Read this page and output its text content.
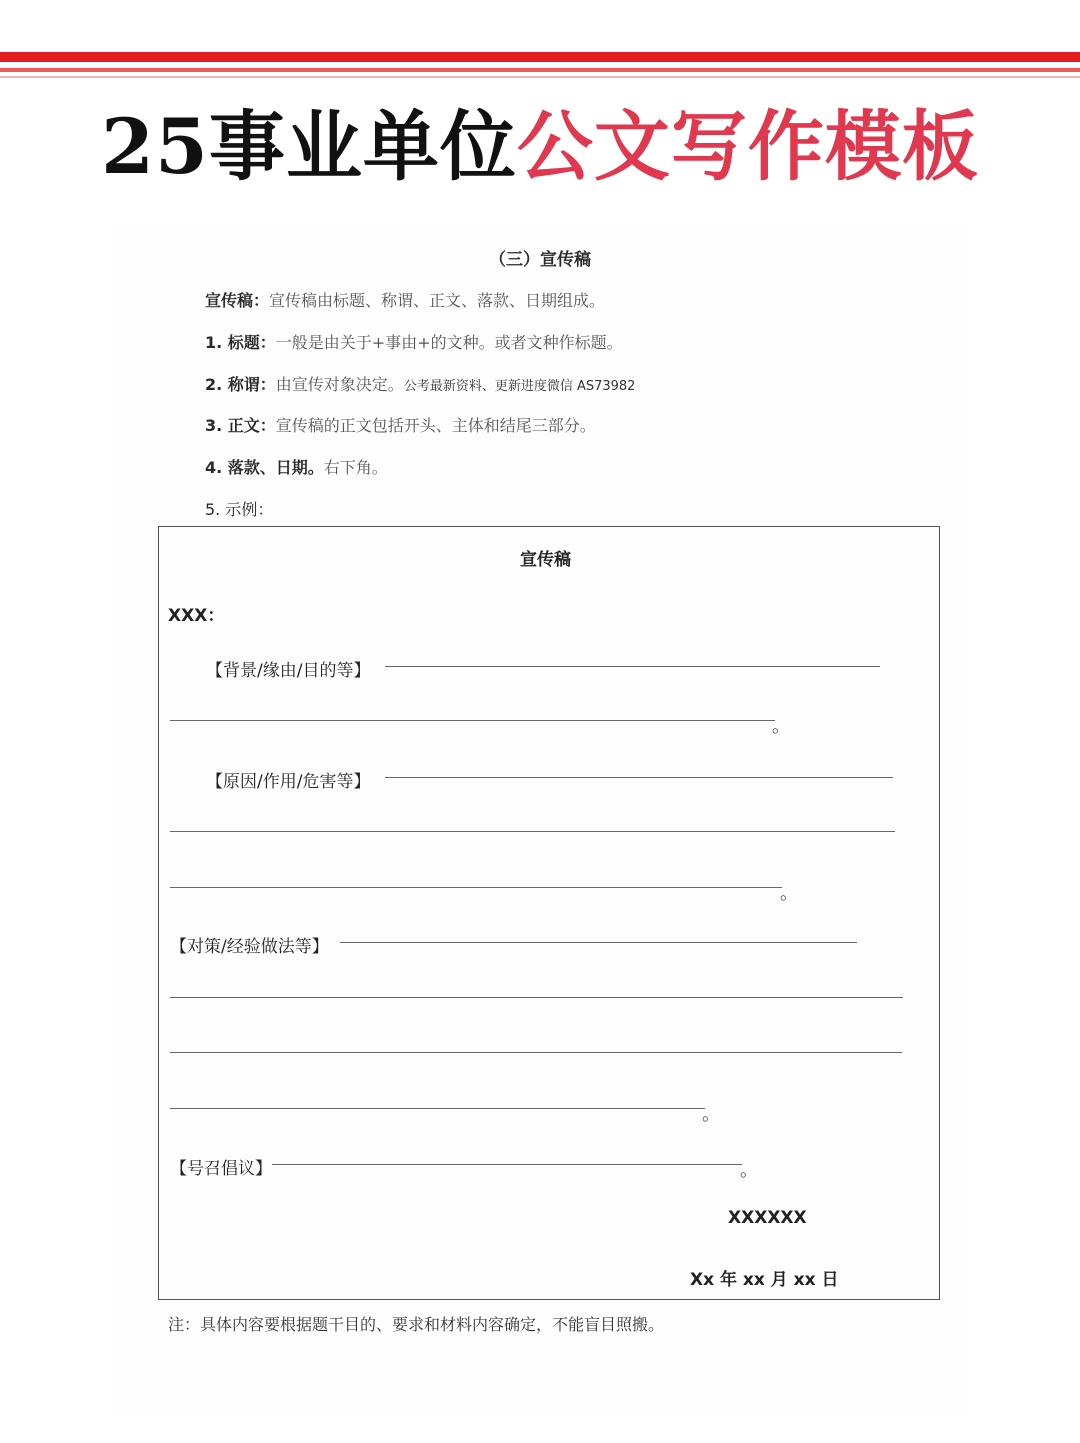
25事业单位公文写作模板
（三）宣传稿
宣传稿：宣传稿由标题、称谓、正文、落款、日期组成。
1. 标题：一般是由关于+事由+的文种。或者文种作标题。
2. 称谓：由宣传对象决定。公考最新资料、更新进度微信 AS73982
3. 正文：宣传稿的正文包括开头、主体和结尾三部分。
4. 落款、日期。右下角。
5. 示例：
宣传稿
XXX：
【背景/缘由/目的等】
。
【原因/作用/危害等】
。
【对策/经验做法等】
。
【号召倡议】	。
XXXXXX
Xx 年 xx 月 xx 日
注：具体内容要根据题干目的、要求和材料内容确定，不能盲目照搬。
